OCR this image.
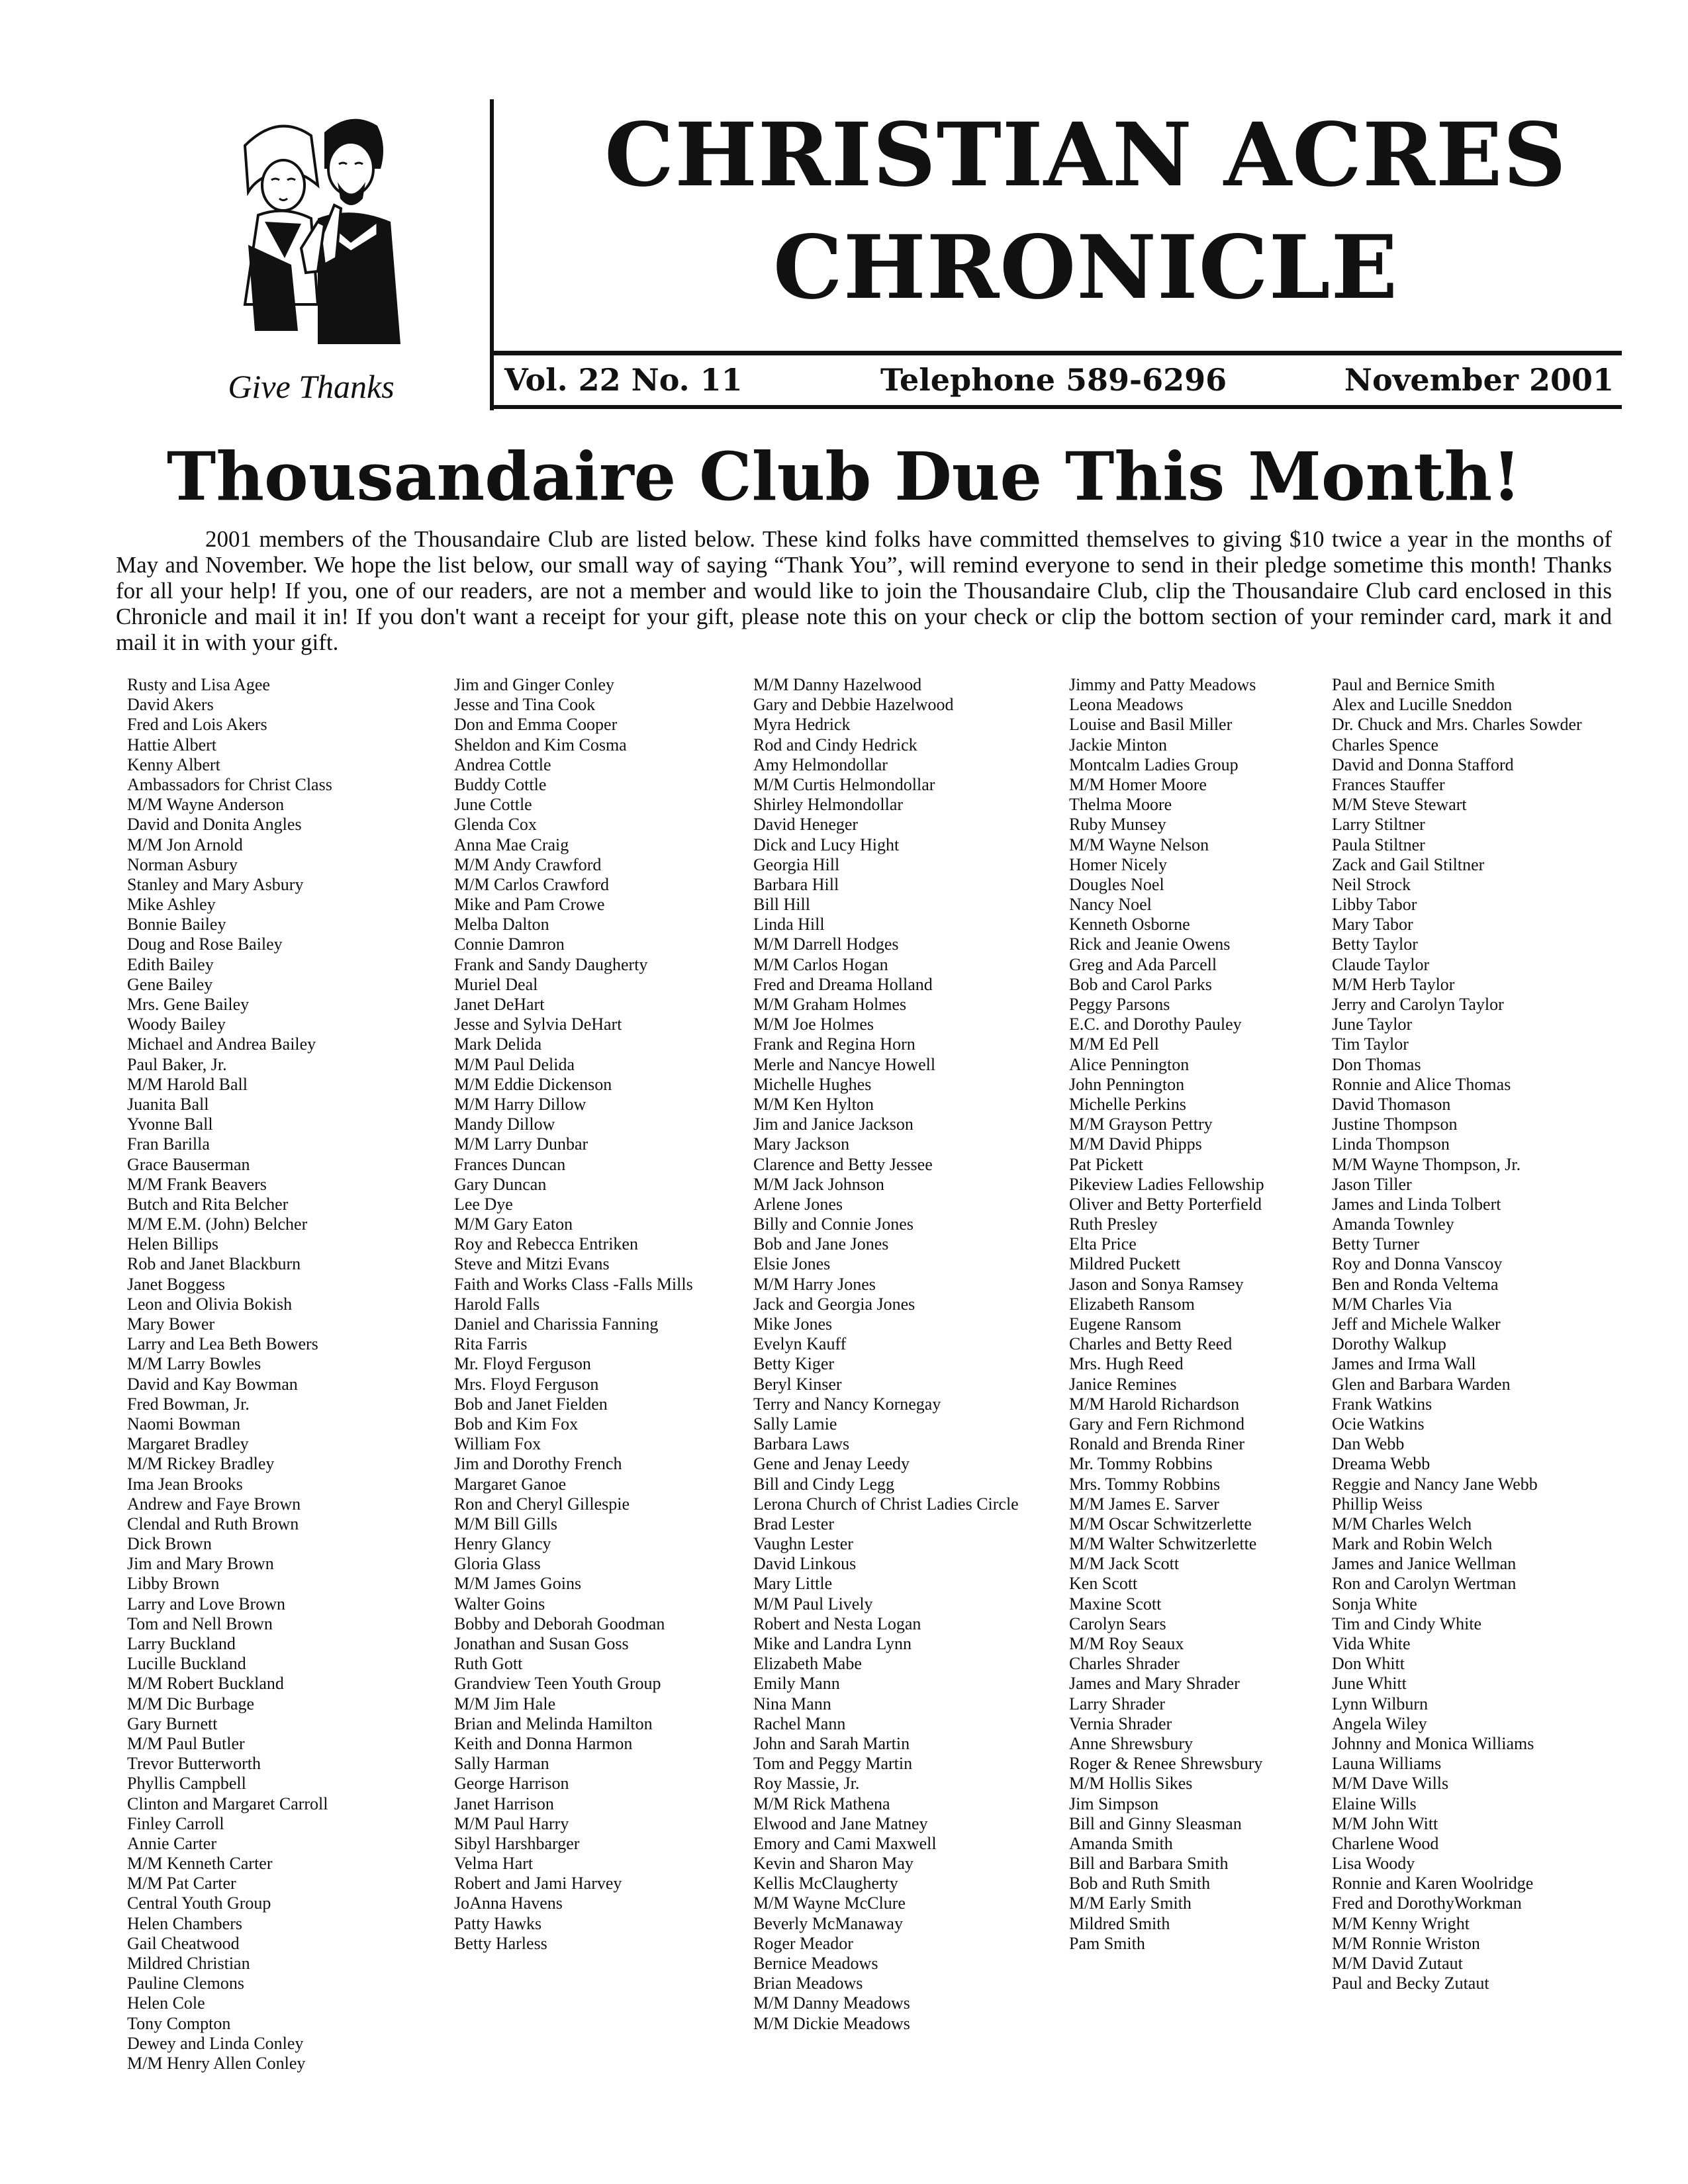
Give Thanks
CHRISTIAN ACRES
CHRONICLE
Vol. 22 No. 11	Telephone 589-6296	November 2001
Thousandaire Club Due This Month!

2001 members of the Thousandaire Club are listed below. These kind folks have committed themselves to giving $10 twice a year in the months of May and November. We hope the list below, our small way of saying “Thank You”, will remind everyone to send in their pledge sometime this month! Thanks for all your help! If you, one of our readers, are not a member and would like to join the Thousandaire Club, clip the Thousandaire Club card enclosed in this Chronicle and mail it in! If you don't want a receipt for your gift, please note this on your check or clip the bottom section of your reminder card, mark it and mail it in with your gift.

Rusty and Lisa Agee
David Akers
Fred and Lois Akers
Hattie Albert
Kenny Albert
Ambassadors for Christ Class
M/M Wayne Anderson
David and Donita Angles
M/M Jon Arnold
Norman Asbury
Stanley and Mary Asbury
Mike Ashley
Bonnie Bailey
Doug and Rose Bailey
Edith Bailey
Gene Bailey
Mrs. Gene Bailey
Woody Bailey
Michael and Andrea Bailey
Paul Baker, Jr.
M/M Harold Ball
Juanita Ball
Yvonne Ball
Fran Barilla
Grace Bauserman
M/M Frank Beavers
Butch and Rita Belcher
M/M E.M. (John) Belcher
Helen Billips
Rob and Janet Blackburn
Janet Boggess
Leon and Olivia Bokish
Mary Bower
Larry and Lea Beth Bowers
M/M Larry Bowles
David and Kay Bowman
Fred Bowman, Jr.
Naomi Bowman
Margaret Bradley
M/M Rickey Bradley
Ima Jean Brooks
Andrew and Faye Brown
Clendal and Ruth Brown
Dick Brown
Jim and Mary Brown
Libby Brown
Larry and Love Brown
Tom and Nell Brown
Larry Buckland
Lucille Buckland
M/M Robert Buckland
M/M Dic Burbage
Gary Burnett
M/M Paul Butler
Trevor Butterworth
Phyllis Campbell
Clinton and Margaret Carroll
Finley Carroll
Annie Carter
M/M Kenneth Carter
M/M Pat Carter
Central Youth Group
Helen Chambers
Gail Cheatwood
Mildred Christian
Pauline Clemons
Helen Cole
Tony Compton
Dewey and Linda Conley
M/M Henry Allen Conley
Jim and Ginger Conley
Jesse and Tina Cook
Don and Emma Cooper
Sheldon and Kim Cosma
Andrea Cottle
Buddy Cottle
June Cottle
Glenda Cox
Anna Mae Craig
M/M Andy Crawford
M/M Carlos Crawford
Mike and Pam Crowe
Melba Dalton
Connie Damron
Frank and Sandy Daugherty
Muriel Deal
Janet DeHart
Jesse and Sylvia DeHart
Mark Delida
M/M Paul Delida
M/M Eddie Dickenson
M/M Harry Dillow
Mandy Dillow
M/M Larry Dunbar
Frances Duncan
Gary Duncan
Lee Dye
M/M Gary Eaton
Roy and Rebecca Entriken
Steve and Mitzi Evans
Faith and Works Class -Falls Mills
Harold Falls
Daniel and Charissia Fanning
Rita Farris
Mr. Floyd Ferguson
Mrs. Floyd Ferguson
Bob and Janet Fielden
Bob and Kim Fox
William Fox
Jim and Dorothy French
Margaret Ganoe
Ron and Cheryl Gillespie
M/M Bill Gills
Henry Glancy
Gloria Glass
M/M James Goins
Walter Goins
Bobby and Deborah Goodman
Jonathan and Susan Goss
Ruth Gott
Grandview Teen Youth Group
M/M Jim Hale
Brian and Melinda Hamilton
Keith and Donna Harmon
Sally Harman
George Harrison
Janet Harrison
M/M Paul Harry
Sibyl Harshbarger
Velma Hart
Robert and Jami Harvey
JoAnna Havens
Patty Hawks
Betty Harless
M/M Danny Hazelwood
Gary and Debbie Hazelwood
Myra Hedrick
Rod and Cindy Hedrick
Amy Helmondollar
M/M Curtis Helmondollar
Shirley Helmondollar
David Heneger
Dick and Lucy Hight
Georgia Hill
Barbara Hill
Bill Hill
Linda Hill
M/M Darrell Hodges
M/M Carlos Hogan
Fred and Dreama Holland
M/M Graham Holmes
M/M Joe Holmes
Frank and Regina Horn
Merle and Nancye Howell
Michelle Hughes
M/M Ken Hylton
Jim and Janice Jackson
Mary Jackson
Clarence and Betty Jessee
M/M Jack Johnson
Arlene Jones
Billy and Connie Jones
Bob and Jane Jones
Elsie Jones
M/M Harry Jones
Jack and Georgia Jones
Mike Jones
Evelyn Kauff
Betty Kiger
Beryl Kinser
Terry and Nancy Kornegay
Sally Lamie
Barbara Laws
Gene and Jenay Leedy
Bill and Cindy Legg
Lerona Church of Christ Ladies Circle
Brad Lester
Vaughn Lester
David Linkous
Mary Little
M/M Paul Lively
Robert and Nesta Logan
Mike and Landra Lynn
Elizabeth Mabe
Emily Mann
Nina Mann
Rachel Mann
John and Sarah Martin
Tom and Peggy Martin
Roy Massie, Jr.
M/M Rick Mathena
Elwood and Jane Matney
Emory and Cami Maxwell
Kevin and Sharon May
Kellis McClaugherty
M/M Wayne McClure
Beverly McManaway
Roger Meador
Bernice Meadows
Brian Meadows
M/M Danny Meadows
M/M Dickie Meadows
Jimmy and Patty Meadows
Leona Meadows
Louise and Basil Miller
Jackie Minton
Montcalm Ladies Group
M/M Homer Moore
Thelma Moore
Ruby Munsey
M/M Wayne Nelson
Homer Nicely
Dougles Noel
Nancy Noel
Kenneth Osborne
Rick and Jeanie Owens
Greg and Ada Parcell
Bob and Carol Parks
Peggy Parsons
E.C. and Dorothy Pauley
M/M Ed Pell
Alice Pennington
John Pennington
Michelle Perkins
M/M Grayson Pettry
M/M David Phipps
Pat Pickett
Pikeview Ladies Fellowship
Oliver and Betty Porterfield
Ruth Presley
Elta Price
Mildred Puckett
Jason and Sonya Ramsey
Elizabeth Ransom
Eugene Ransom
Charles and Betty Reed
Mrs. Hugh Reed
Janice Remines
M/M Harold Richardson
Gary and Fern Richmond
Ronald and Brenda Riner
Mr. Tommy Robbins
Mrs. Tommy Robbins
M/M James E. Sarver
M/M Oscar Schwitzerlette
M/M Walter Schwitzerlette
M/M Jack Scott
Ken Scott
Maxine Scott
Carolyn Sears
M/M Roy Seaux
Charles Shrader
James and Mary Shrader
Larry Shrader
Vernia Shrader
Anne Shrewsbury
Roger & Renee Shrewsbury
M/M Hollis Sikes
Jim Simpson
Bill and Ginny Sleasman
Amanda Smith
Bill and Barbara Smith
Bob and Ruth Smith
M/M Early Smith
Mildred Smith
Pam Smith
Paul and Bernice Smith
Alex and Lucille Sneddon
Dr. Chuck and Mrs. Charles Sowder
Charles Spence
David and Donna Stafford
Frances Stauffer
M/M Steve Stewart
Larry Stiltner
Paula Stiltner
Zack and Gail Stiltner
Neil Strock
Libby Tabor
Mary Tabor
Betty Taylor
Claude Taylor
M/M Herb Taylor
Jerry and Carolyn Taylor
June Taylor
Tim Taylor
Don Thomas
Ronnie and Alice Thomas
David Thomason
Justine Thompson
Linda Thompson
M/M Wayne Thompson, Jr.
Jason Tiller
James and Linda Tolbert
Amanda Townley
Betty Turner
Roy and Donna Vanscoy
Ben and Ronda Veltema
M/M Charles Via
Jeff and Michele Walker
Dorothy Walkup
James and Irma Wall
Glen and Barbara Warden
Frank Watkins
Ocie Watkins
Dan Webb
Dreama Webb
Reggie and Nancy Jane Webb
Phillip Weiss
M/M Charles Welch
Mark and Robin Welch
James and Janice Wellman
Ron and Carolyn Wertman
Sonja White
Tim and Cindy White
Vida White
Don Whitt
June Whitt
Lynn Wilburn
Angela Wiley
Johnny and Monica Williams
Launa Williams
M/M Dave Wills
Elaine Wills
M/M John Witt
Charlene Wood
Lisa Woody
Ronnie and Karen Woolridge
Fred and DorothyWorkman
M/M Kenny Wright
M/M Ronnie Wriston
M/M David Zutaut
Paul and Becky Zutaut
